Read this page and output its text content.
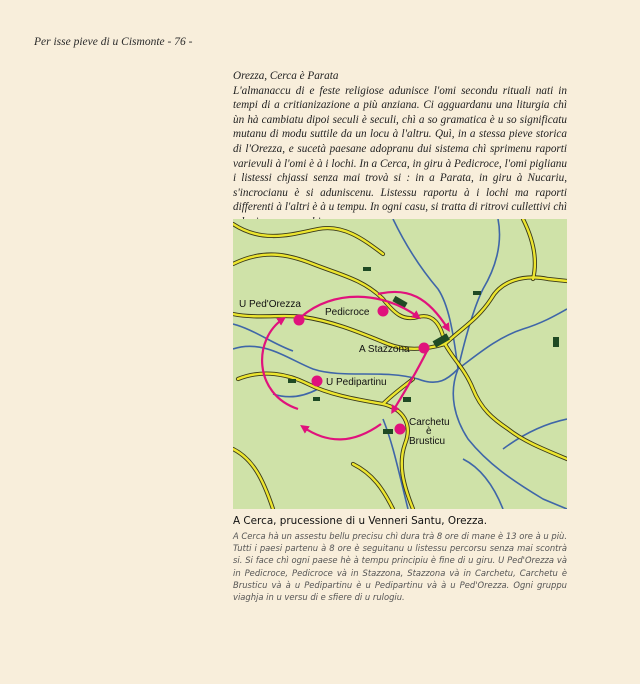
Per isse pieve di u Cismonte - 76 -
Orezza, Cerca è Parata
L'almanaccu di e feste religiose adunisce l'omi secondu rituali nati in tempi di a critianizazione a più anziana. Ci agguardanu una liturgia chì ùn hà cambiatu dipoi seculi è seculi, chì a so gramatica è u so significatu mutanu di modu suttile da un locu à l'altru. Quì, in a stessa pieve storica di l'Orezza, e sucetà paesane adopranu dui sistema chì sprimenu raporti varievuli à l'omi è à i lochi. In a Cerca, in giru à Pedicroce, l'omi piglianu i listessi chjassi senza mai trovà si : in a Parata, in giru à Nucariu, s'incrocianu è si aduniscenu. Listessu raportu à i lochi ma raporti differenti à l'altri è à u tempu. In ogni casu, si tratta di ritrovi cullettivi chì
U Ped'Orezza
Pedicroce
A Stazzona
U Pedipartinu
Carchetu
è
Brusticu
A Cerca, prucessione di u Venneri Santu, Orezza.
A Cerca hà un assestu bellu precisu chì dura trà 8 ore di mane è 13 ore à u più. Tutti i paesi partenu à 8 ore è seguitanu u listessu percorsu senza mai scontrà si. Si face chì ogni paese hè à tempu principiu è fine di u giru. U Ped'Orezza và in Pedicroce, Pedicroce và in Stazzona, Stazzona và in Carchetu, Carchetu è Brusticu và à u Pedipartinu è u Pedipartinu và à u Ped'Orezza. Ogni gruppu viaghja in u versu di e sfiere di u rulogiu.
